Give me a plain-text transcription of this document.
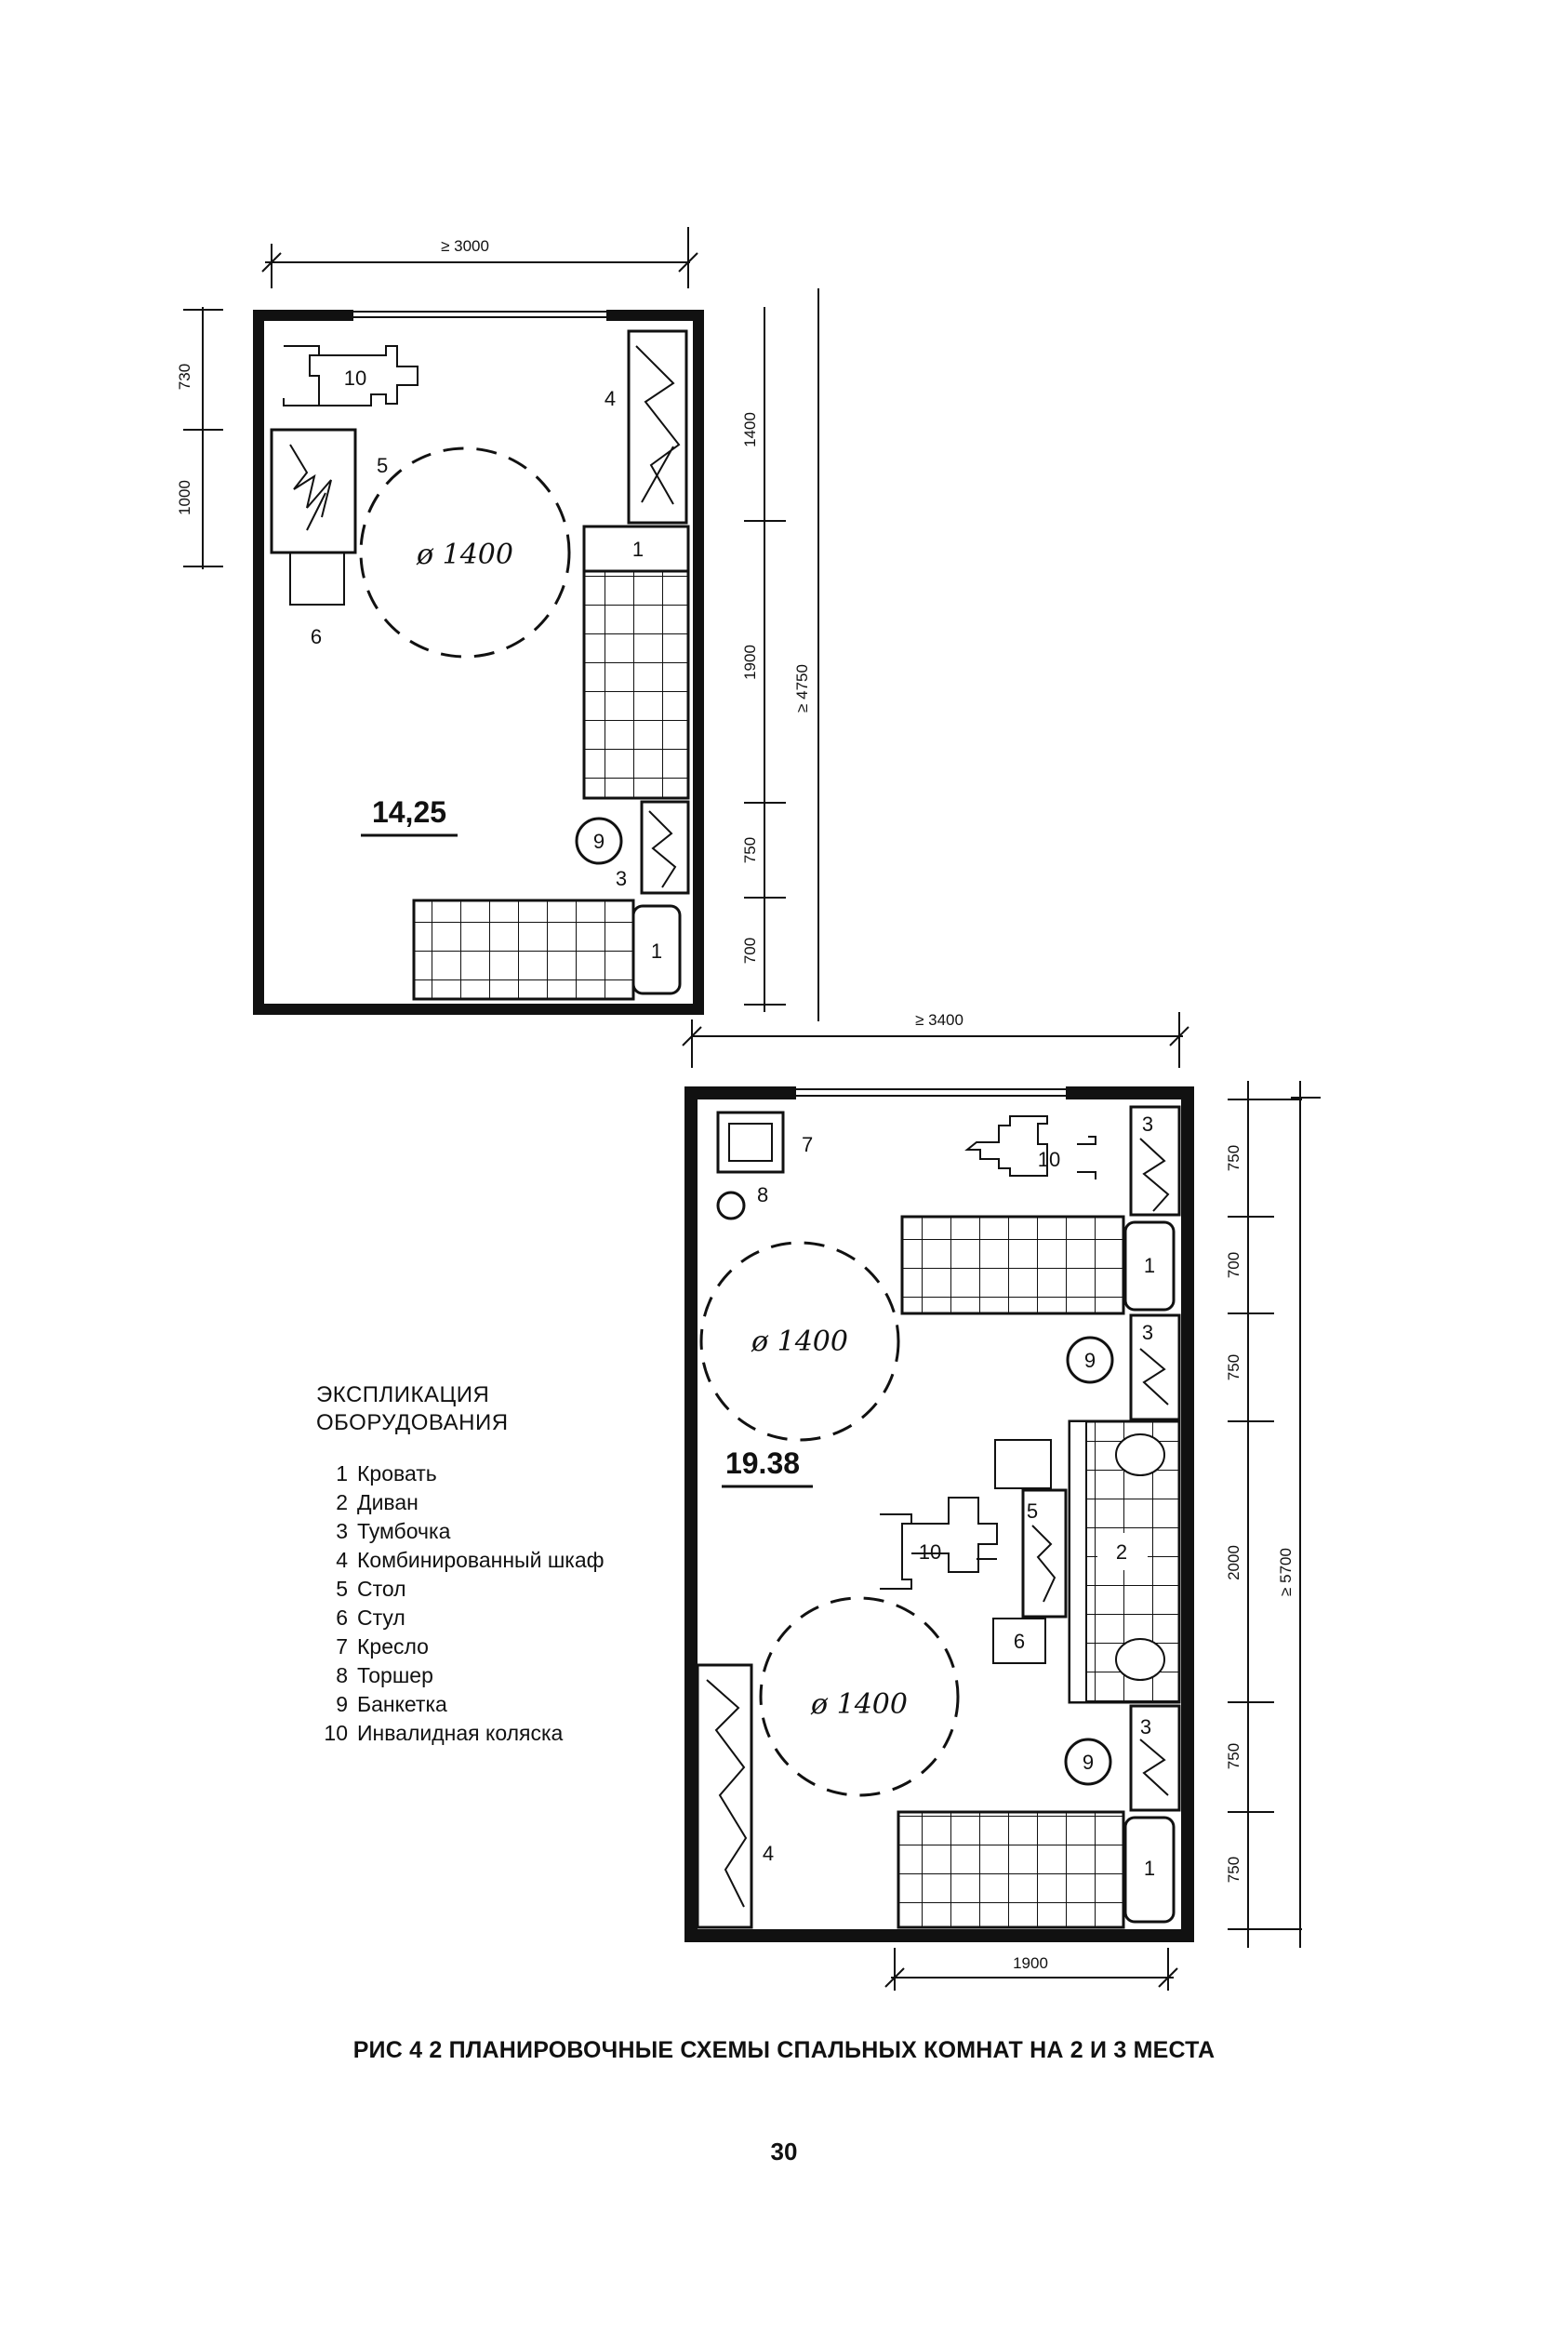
≥ 3000
730
1000
1400
1900
750
700
≥ 4750
10
5
6
ø 1400
4
1
3
9
1
14,25
≥ 3400
750
700
750
2000
750
750
≥ 5700
1900
7
8
10
3
1
3
9
ø 1400
19.38
2
5
6
10
ø 1400
3
9
4
1
ЭКСПЛИКАЦИЯ
ОБОРУДОВАНИЯ
1 Кровать
2 Диван
3 Тумбочка
4 Комбинированный шкаф
5 Стол
6 Стул
7 Кресло
8 Торшер
9 Банкетка
10 Инвалидная коляска
РИС 4 2 ПЛАНИРОВОЧНЫЕ СХЕМЫ СПАЛЬНЫХ КОМНАТ НА 2 И 3 МЕСТА
30
